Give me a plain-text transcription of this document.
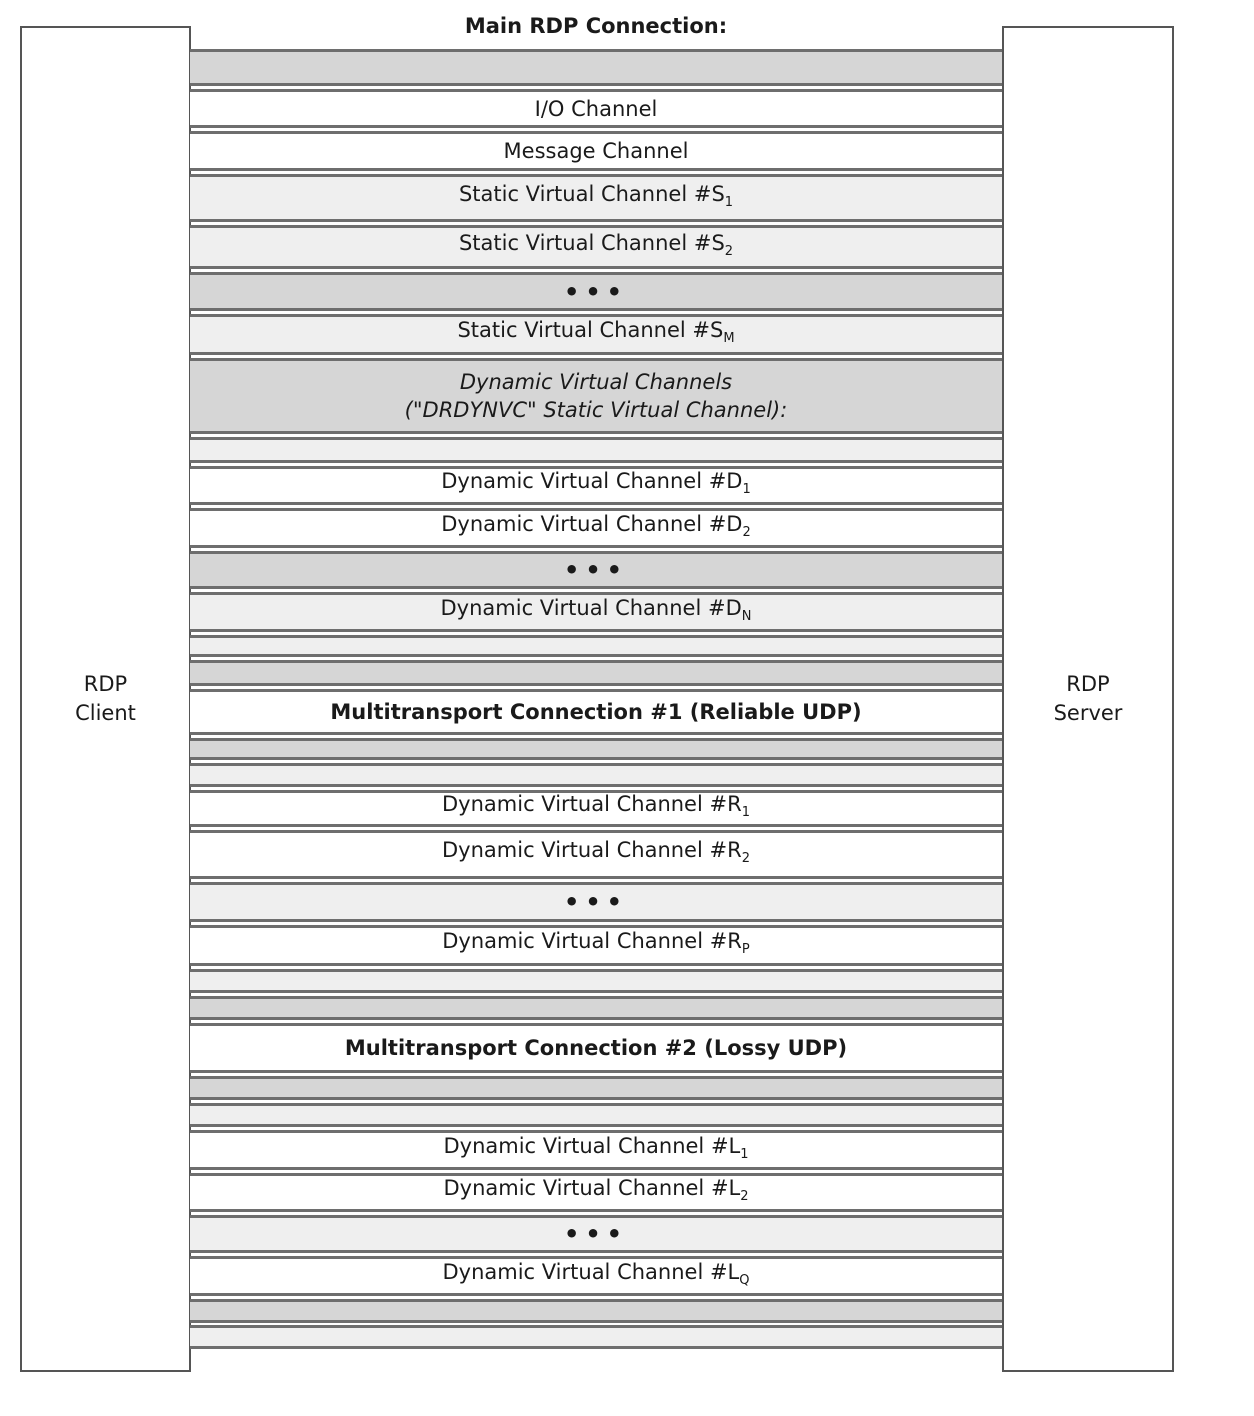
RDP
Client
RDP
Server
Main RDP Connection:
I/O Channel
Message Channel
Static Virtual Channel $\#S_1$
Static Virtual Channel $\#S_2$
•••
Static Virtual Channel $\#S_M$
Dynamic Virtual Channels
("DRDYNVC" Static Virtual Channel):
Dynamic Virtual Channel $\#D_1$
Dynamic Virtual Channel $\#D_2$
•••
Dynamic Virtual Channel $\#D_N$
Multitransport Connection #1 (Reliable UDP)
Dynamic Virtual Channel $\#R_1$
Dynamic Virtual Channel $\#R_2$
•••
Dynamic Virtual Channel $\#R_P$
Multitransport Connection #2 (Lossy UDP)
Dynamic Virtual Channel $\#L_1$
Dynamic Virtual Channel $\#L_2$
•••
Dynamic Virtual Channel $\#L_Q$
